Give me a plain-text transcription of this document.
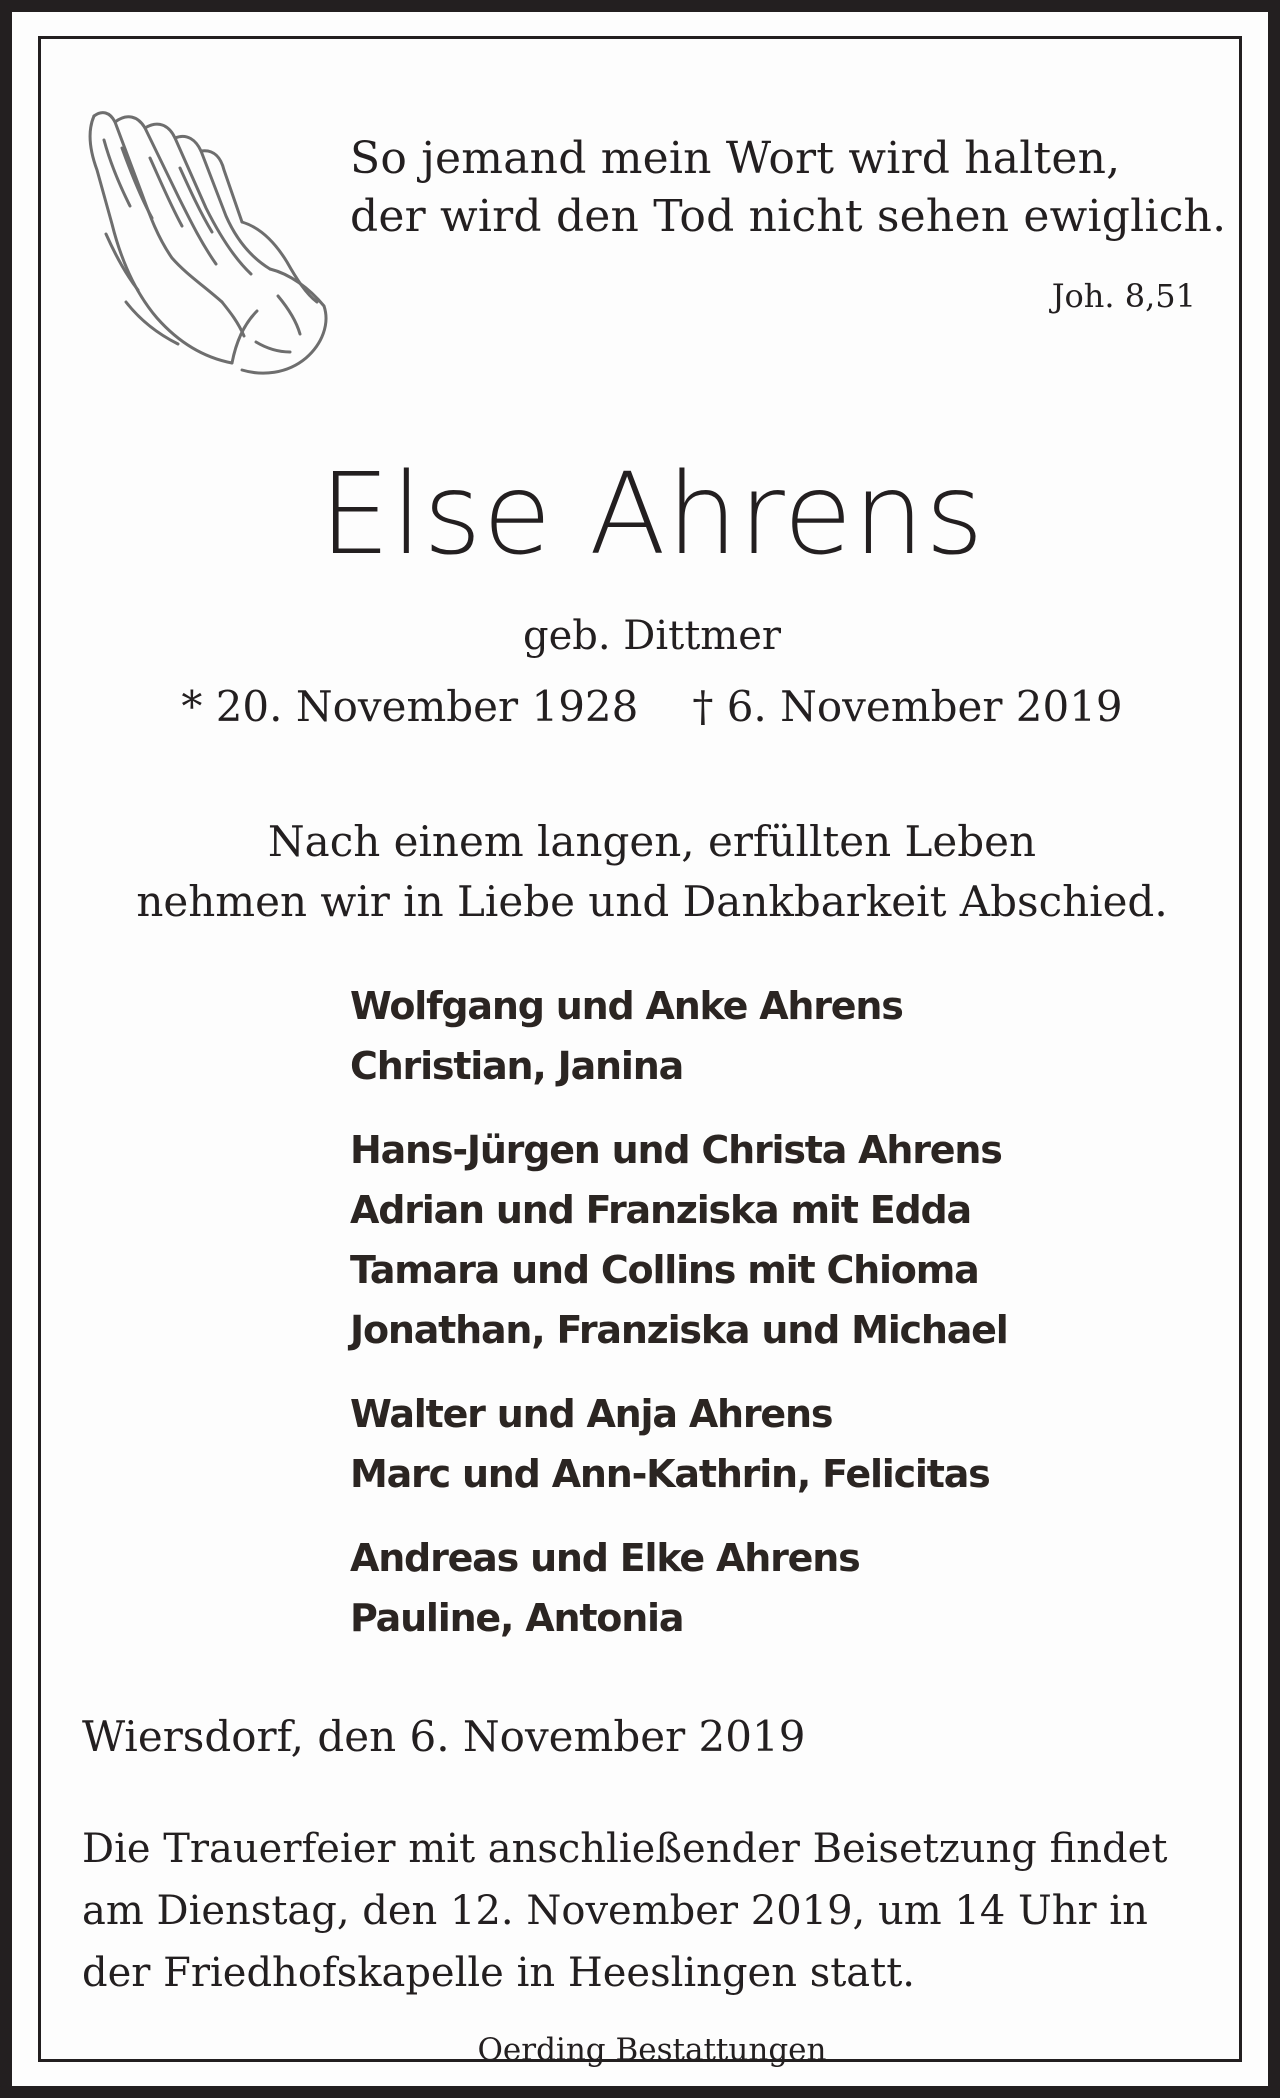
So jemand mein Wort wird halten,
der wird den Tod nicht sehen ewiglich.
Joh. 8,51
Else Ahrens
geb. Dittmer
* 20. November 1928 † 6. November 2019
Nach einem langen, erfüllten Leben
nehmen wir in Liebe und Dankbarkeit Abschied.
Wolfgang und Anke Ahrens
Christian, Janina
Hans-Jürgen und Christa Ahrens
Adrian und Franziska mit Edda
Tamara und Collins mit Chioma
Jonathan, Franziska und Michael
Walter und Anja Ahrens
Marc und Ann-Kathrin, Felicitas
Andreas und Elke Ahrens
Pauline, Antonia
Wiersdorf, den 6. November 2019
Die Trauerfeier mit anschließender Beisetzung findet
am Dienstag, den 12. November 2019, um 14 Uhr in
der Friedhofskapelle in Heeslingen statt.
Oerding Bestattungen
